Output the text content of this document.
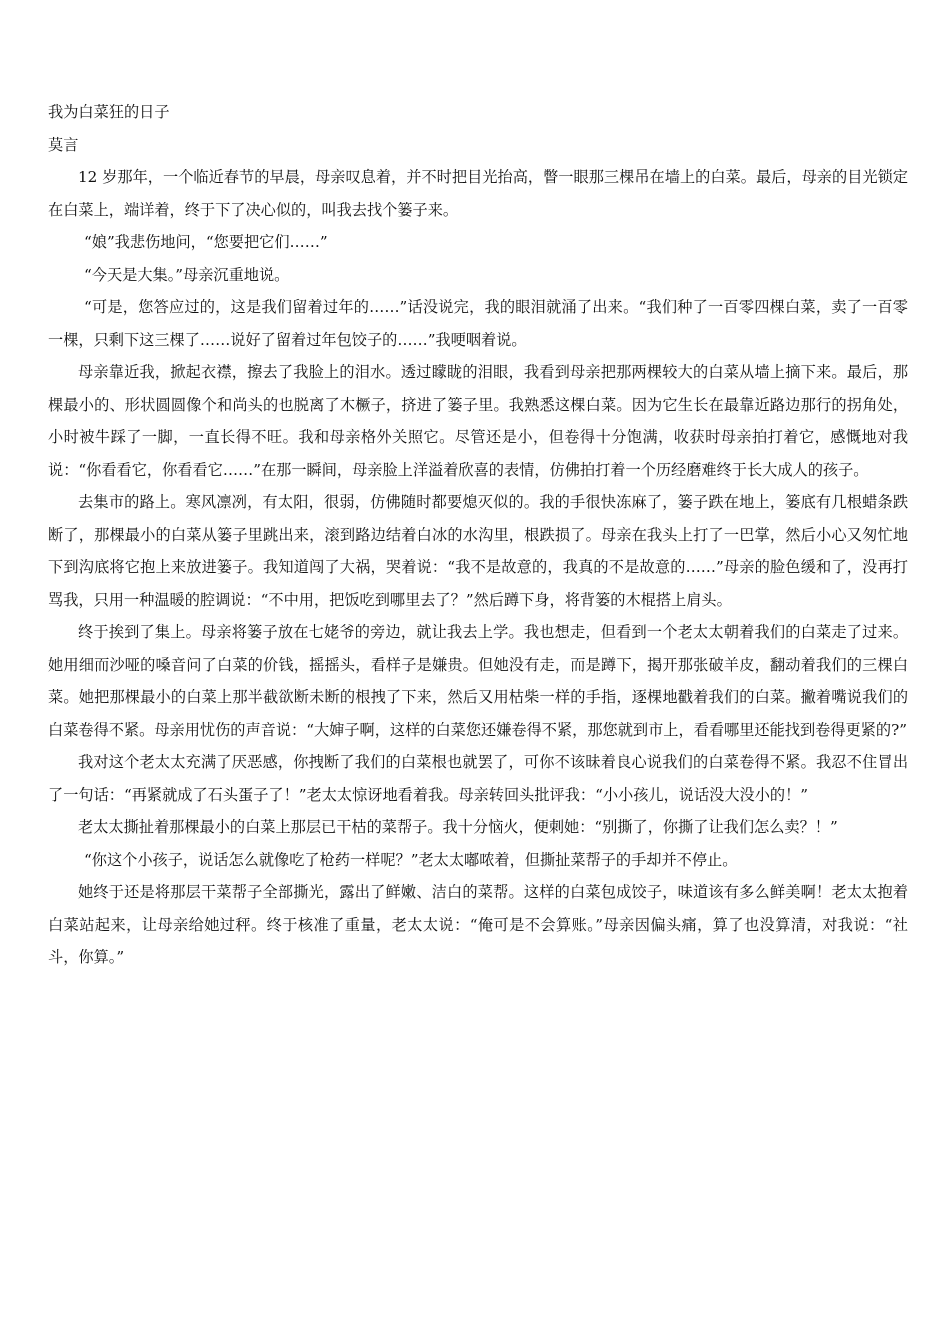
我为白菜狂的日子

莫言

12 岁那年，一个临近春节的早晨，母亲叹息着，并不时把目光抬高，瞥一眼那三棵吊在墙上的白菜。最后，母亲的目光锁定在白菜上，端详着，终于下了决心似的，叫我去找个篓子来。

“娘”我悲伤地问，“您要把它们……”

“今天是大集。”母亲沉重地说。

“可是，您答应过的，这是我们留着过年的……”话没说完，我的眼泪就涌了出来。“我们种了一百零四棵白菜，卖了一百零一棵，只剩下这三棵了……说好了留着过年包饺子的……”我哽咽着说。

母亲靠近我，掀起衣襟，擦去了我脸上的泪水。透过矇眬的泪眼，我看到母亲把那两棵较大的白菜从墙上摘下来。最后，那棵最小的、形状圆圆像个和尚头的也脱离了木橛子，挤进了篓子里。我熟悉这棵白菜。因为它生长在最靠近路边那行的拐角处，小时被牛踩了一脚，一直长得不旺。我和母亲格外关照它。尽管还是小，但卷得十分饱满，收获时母亲拍打着它，感慨地对我说：“你看看它，你看看它……”在那一瞬间，母亲脸上洋溢着欣喜的表情，仿佛拍打着一个历经磨难终于长大成人的孩子。

去集市的路上。寒风凛冽，有太阳，很弱，仿佛随时都要熄灭似的。我的手很快冻麻了，篓子跌在地上，篓底有几根蜡条跌断了，那棵最小的白菜从篓子里跳出来，滚到路边结着白冰的水沟里，根跌损了。母亲在我头上打了一巴掌，然后小心又匆忙地下到沟底将它抱上来放进篓子。我知道闯了大祸，哭着说：“我不是故意的，我真的不是故意的……”母亲的脸色缓和了，没再打骂我，只用一种温暖的腔调说：“不中用，把饭吃到哪里去了？”然后蹲下身，将背篓的木棍搭上肩头。

终于挨到了集上。母亲将篓子放在七姥爷的旁边，就让我去上学。我也想走，但看到一个老太太朝着我们的白菜走了过来。她用细而沙哑的嗓音问了白菜的价钱，摇摇头，看样子是嫌贵。但她没有走，而是蹲下，揭开那张破羊皮，翻动着我们的三棵白菜。她把那棵最小的白菜上那半截欲断未断的根拽了下来，然后又用枯柴一样的手指，逐棵地戳着我们的白菜。撇着嘴说我们的白菜卷得不紧。母亲用忧伤的声音说：“大婶子啊，这样的白菜您还嫌卷得不紧，那您就到市上，看看哪里还能找到卷得更紧的?”

我对这个老太太充满了厌恶感，你拽断了我们的白菜根也就罢了，可你不该昧着良心说我们的白菜卷得不紧。我忍不住冒出了一句话：“再紧就成了石头蛋子了！”老太太惊讶地看着我。母亲转回头批评我：“小小孩儿，说话没大没小的！”

老太太撕扯着那棵最小的白菜上那层已干枯的菜帮子。我十分恼火，便刺她：“别撕了，你撕了让我们怎么卖？！”

“你这个小孩子，说话怎么就像吃了枪药一样呢？”老太太嘟哝着，但撕扯菜帮子的手却并不停止。

她终于还是将那层干菜帮子全部撕光，露出了鲜嫩、洁白的菜帮。这样的白菜包成饺子，味道该有多么鲜美啊！老太太抱着白菜站起来，让母亲给她过秤。终于核准了重量，老太太说：“俺可是不会算账。”母亲因偏头痛，算了也没算清，对我说：“社斗，你算。”
